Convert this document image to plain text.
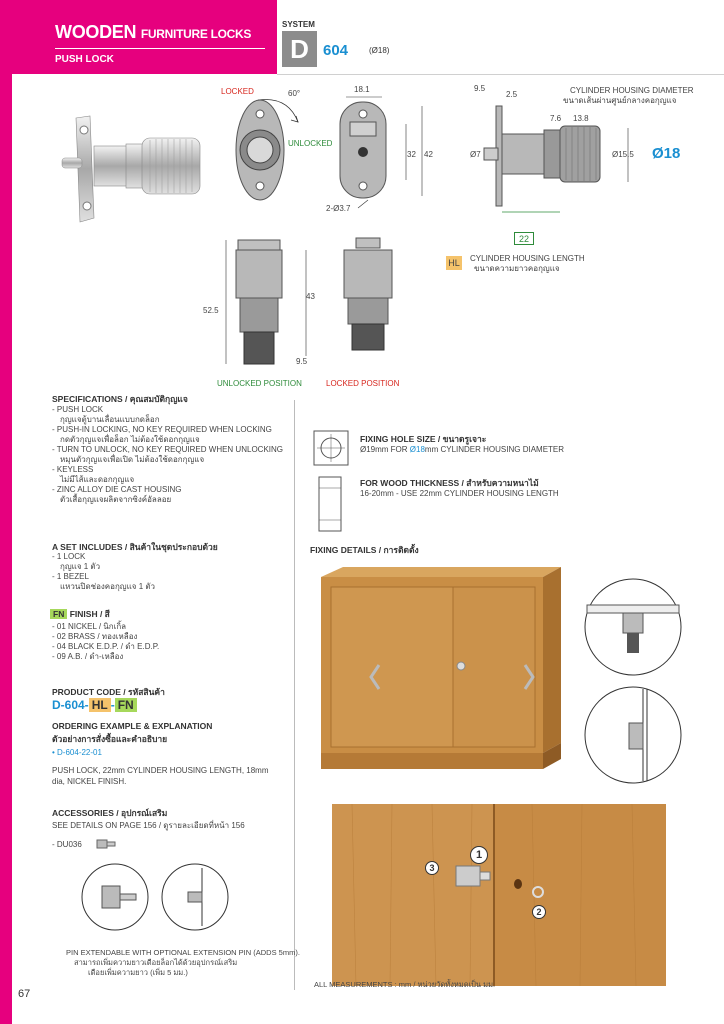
WOODEN FURNITURE LOCKS
PUSH LOCK
SYSTEM
D 604	(Ø18)
LOCKED	60°
UNLOCKED
18.1
32 42
2-Ø3.7
9.5
2.5
7.6 13.8
CYLINDER HOUSING DIAMETER
ขนาดเส้นผ่านศูนย์กลางคอกุญแจ
Ø7	Ø15.5 Ø18
22
HL CYLINDER HOUSING LENGTH
ขนาดความยาวคอกุญแจ
52.5
43
9.5
UNLOCKED POSITION	LOCKED POSITION
SPECIFICATIONS / คุณสมบัติกุญแจ
- PUSH LOCK
กุญแจตู้บานเลื่อนแบบกดล็อก
- PUSH-IN LOCKING, NO KEY REQUIRED WHEN LOCKING
กดตัวกุญแจเพื่อล็อก ไม่ต้องใช้ดอกกุญแจ
- TURN TO UNLOCK, NO KEY REQUIRED WHEN UNLOCKING
หมุนตัวกุญแจเพื่อเปิด ไม่ต้องใช้ดอกกุญแจ
- KEYLESS
ไม่มีไส้และดอกกุญแจ
- ZINC ALLOY DIE CAST HOUSING
ตัวเสื้อกุญแจผลิตจากซิงค์อัลลอย
A SET INCLUDES / สินค้าในชุดประกอบด้วย
- 1 LOCK
กุญแจ 1 ตัว
- 1 BEZEL
แหวนปิดช่องคอกุญแจ 1 ตัว
FN FINISH / สี
- 01 NICKEL / นิกเกิ้ล
- 02 BRASS / ทองเหลือง
- 04 BLACK E.D.P. / ดำ E.D.P.
- 09 A.B. / ดำ-เหลือง
PRODUCT CODE / รหัสสินค้า
D-604- HL - FN
ORDERING EXAMPLE & EXPLANATION
ตัวอย่างการสั่งซื้อและคำอธิบาย
• D-604-22-01
PUSH LOCK, 22mm CYLINDER HOUSING LENGTH, 18mm
dia, NICKEL FINISH.
ACCESSORIES / อุปกรณ์เสริม
SEE DETAILS ON PAGE 156 / ดูรายละเอียดที่หน้า 156
- DU036
PIN EXTENDABLE WITH OPTIONAL EXTENSION PIN (ADDS 5mm).
สามารถเพิ่มความยาวเดือยล็อกได้ด้วยอุปกรณ์เสริม
เดือยเพิ่มความยาว (เพิ่ม 5 มม.)
FIXING HOLE SIZE / ขนาดรูเจาะ
Ø19mm FOR Ø18mm CYLINDER HOUSING DIAMETER
FOR WOOD THICKNESS / สำหรับความหนาไม้
16-20mm - USE 22mm CYLINDER HOUSING LENGTH
FIXING DETAILS / การติดตั้ง
1
2
3
ALL MEASUREMENTS : mm / หน่วยวัดทั้งหมดเป็น มม.
67
